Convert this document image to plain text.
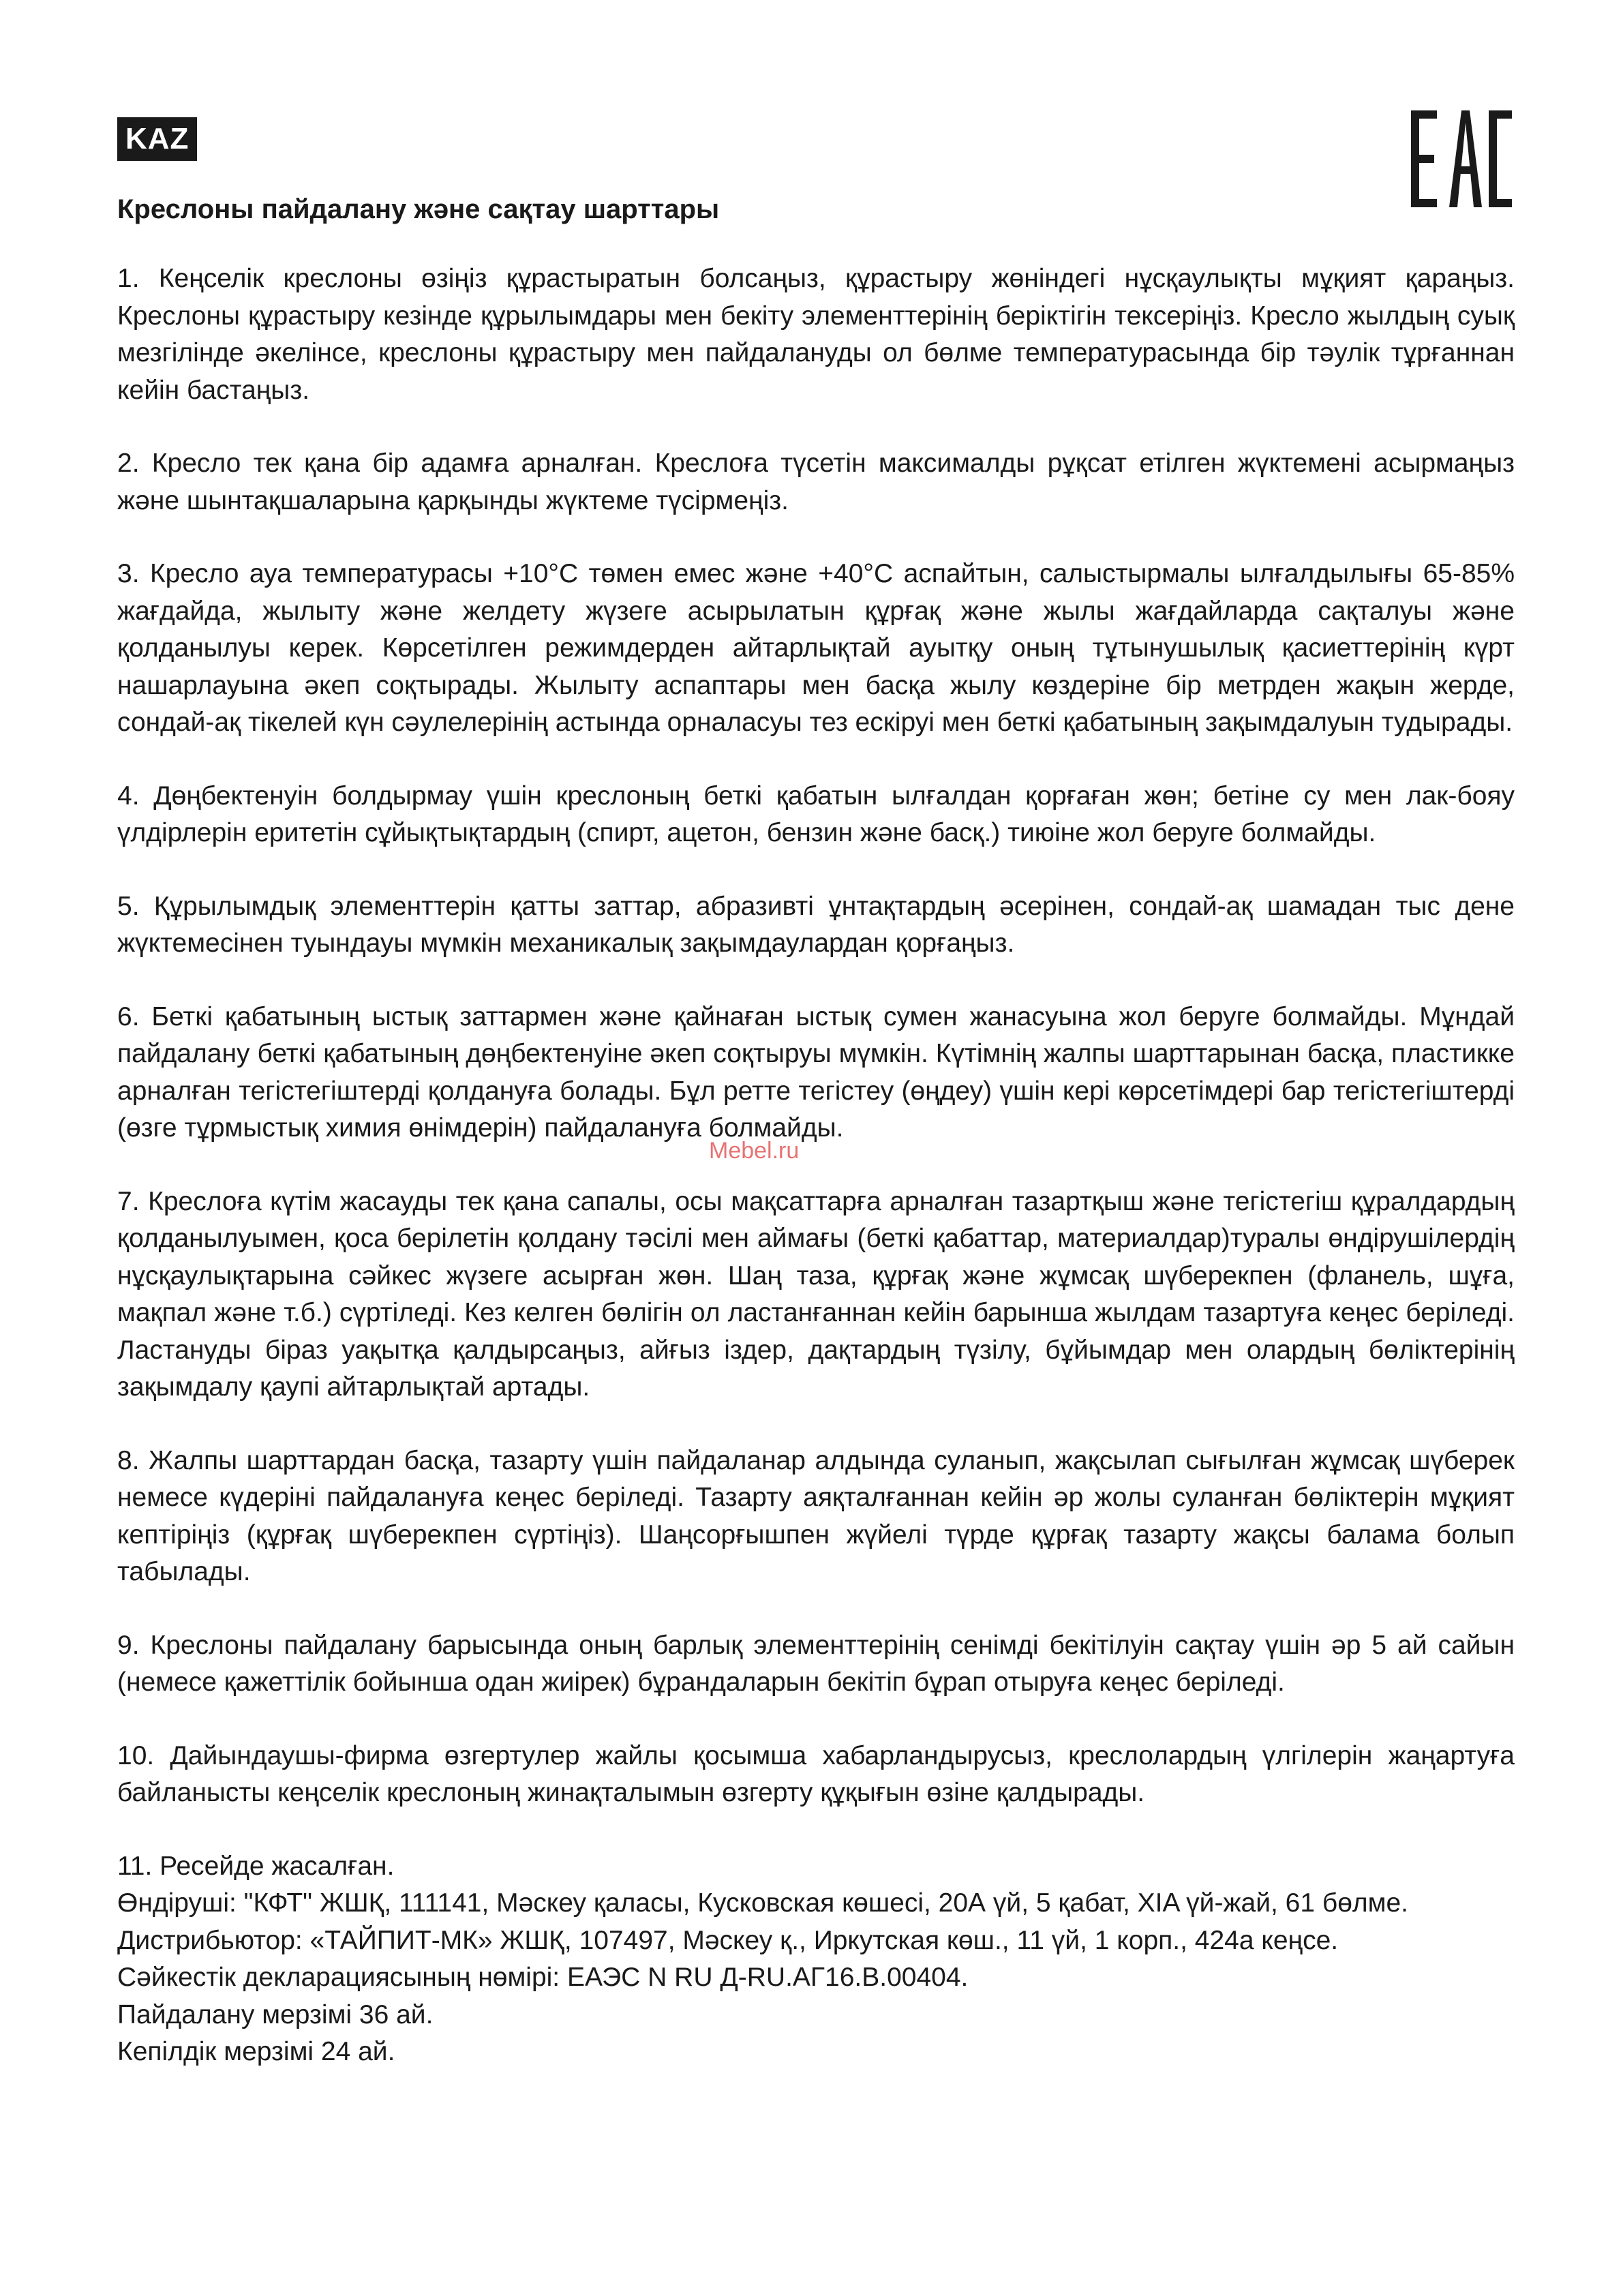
KAZ
Креслоны пайдалану және сақтау шарттары

1. Кеңселік креслоны өзіңіз құрастыратын болсаңыз, құрастыру жөніндегі нұсқаулықты мұқият қараңыз. Креслоны құрастыру кезінде құрылымдары мен бекіту элементтерінің беріктігін тексеріңіз. Кресло жылдың суық мезгілінде әкелінсе, креслоны құрастыру мен пайдалануды ол бөлме температурасында бір тәулік тұрғаннан кейін бастаңыз.

2. Кресло тек қана бір адамға арналған. Креслоға түсетін максималды рұқсат етілген жүктемені асырмаңыз және шынтақшаларына қарқынды жүктеме түсірмеңіз.

3. Кресло ауа температурасы +10°C төмен емес және +40°C аспайтын, салыстырмалы ылғалдылығы 65-85% жағдайда, жылыту және желдету жүзеге асырылатын құрғақ және жылы жағдайларда сақталуы және қолданылуы керек. Көрсетілген режимдерден айтарлықтай ауытқу оның тұтынушылық қасиеттерінің күрт нашарлауына әкеп соқтырады. Жылыту аспаптары мен басқа жылу көздеріне бір метрден жақын жерде, сондай-ақ тікелей күн сәулелерінің астында орналасуы тез ескіруі мен беткі қабатының зақымдалуын тудырады.

4. Дөңбектенуін болдырмау үшін креслоның беткі қабатын ылғалдан қорғаған жөн; бетіне су мен лак-бояу үлдірлерін еритетін сұйықтықтардың (спирт, ацетон, бензин және басқ.) тиюіне жол беруге болмайды.

5. Құрылымдық элементтерін қатты заттар, абразивті ұнтақтардың әсерінен, сондай-ақ шамадан тыс дене жүктемесінен туындауы мүмкін механикалық зақымдаулардан қорғаңыз.

6. Беткі қабатының ыстық заттармен және қайнаған ыстық сумен жанасуына жол беруге болмайды. Мұндай пайдалану беткі қабатының дөңбектенуіне әкеп соқтыруы мүмкін. Күтімнің жалпы шарттарынан басқа, пластикке арналған тегістегіштерді қолдануға болады. Бұл ретте тегістеу (өңдеу) үшін кері көрсетімдері бар тегістегіштерді (өзге тұрмыстық химия өнімдерін) пайдалануға болмайды.

7. Креслоға күтім жасауды тек қана сапалы, осы мақсаттарға арналған тазартқыш және тегістегіш құралдардың қолданылуымен, қоса берілетін қолдану тәсілі мен аймағы (беткі қабаттар, материалдар)туралы өндірушілердің нұсқаулықтарына сәйкес жүзеге асырған жөн. Шаң таза, құрғақ және жұмсақ шүберекпен (фланель, шұға, мақпал және т.б.) сүртіледі. Кез келген бөлігін ол ластанғаннан кейін барынша жылдам тазартуға кеңес беріледі. Ластануды біраз уақытқа қалдырсаңыз, айғыз іздер, дақтардың түзілу, бұйымдар мен олардың бөліктерінің зақымдалу қаупі айтарлықтай артады.

8. Жалпы шарттардан басқа, тазарту үшін пайдаланар алдында суланып, жақсылап сығылған жұмсақ шүберек немесе күдеріні пайдалануға кеңес беріледі. Тазарту аяқталғаннан кейін әр жолы суланған бөліктерін мұқият кептіріңіз (құрғақ шүберекпен сүртіңіз). Шаңсорғышпен жүйелі түрде құрғақ тазарту жақсы балама болып табылады.

9. Креслоны пайдалану барысында оның барлық элементтерінің сенімді бекітілуін сақтау үшін әр 5 ай сайын (немесе қажеттілік бойынша одан жиірек) бұрандаларын бекітіп бұрап отыруға кеңес беріледі.

10. Дайындаушы-фирма өзгертулер жайлы қосымша хабарландырусыз, креслолардың үлгілерін жаңартуға байланысты кеңселік креслоның жинақталымын өзгерту құқығын өзіне қалдырады.

11. Ресейде жасалған.

Өндіруші: "КФТ" ЖШҚ, 111141, Мәскеу қаласы, Кусковская көшесі, 20А үй, 5 қабат, XIA үй-жай, 61 бөлме.

Дистрибьютор: «ТАЙПИТ-МК» ЖШҚ, 107497, Мәскеу қ., Иркутская көш., 11 үй, 1 корп., 424а кеңсе.

Сәйкестік декларациясының нөмірі: ЕАЭС N RU Д-RU.АГ16.В.00404.

Пайдалану мерзімі 36 ай.

Кепілдік мерзімі 24 ай.

Mebel.ru
